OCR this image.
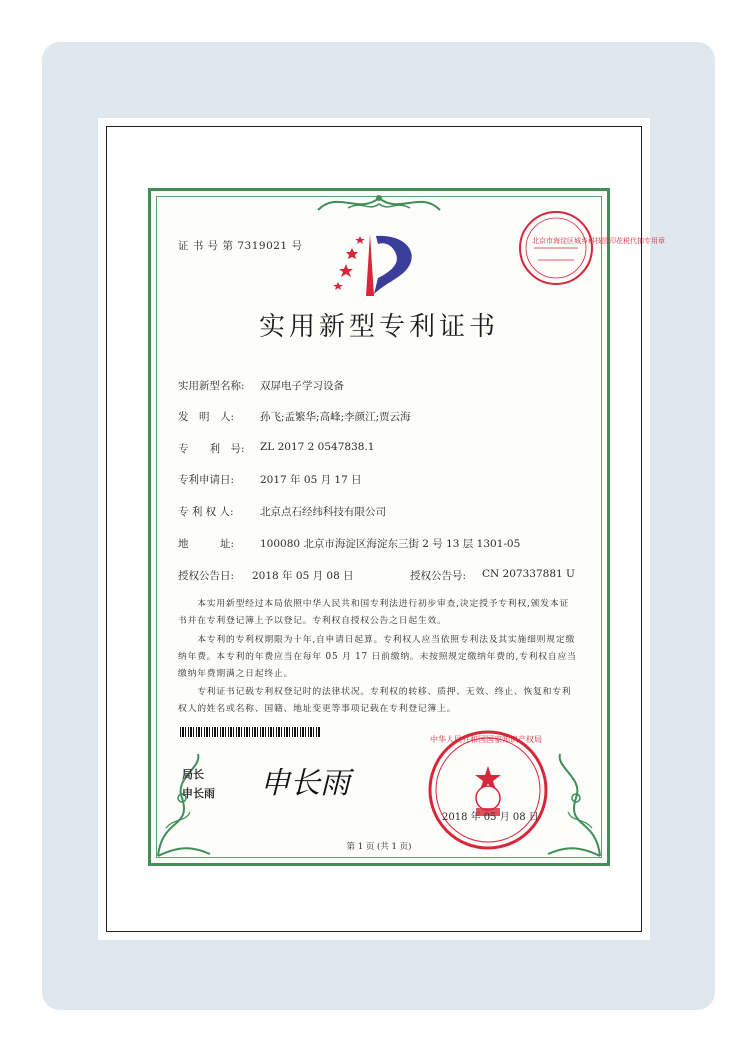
证 书 号 第 7319021 号	北京市海淀区城乡科技园印花税代扣专用章
实用新型专利证书
实用新型名称: 双屏电子学习设备
发　明　人: 孙飞;孟繁华;高峰;李颜江;贾云海
专　　利　号: ZL 2017 2 0547838.1
专利申请日: 2017 年 05 月 17 日
专 利 权 人:	北京点石经纬科技有限公司
地　　　址: 100080 北京市海淀区海淀东三街 2 号 13 层 1301-05
授权公告日: 2018 年 05 月 08 日	授权公告号: CN 207337881 U
　　本实用新型经过本局依照中华人民共和国专利法进行初步审查,决定授予专利权,颁发本证书并在专利登记簿上予以登记。专利权自授权公告之日起生效。
　　本专利的专利权期限为十年,自申请日起算。专利权人应当依照专利法及其实施细则规定缴纳年费。本专利的年费应当在每年 05 月 17 日前缴纳。未按照规定缴纳年费的,专利权自应当缴纳年费期满之日起终止。
　　专利证书记载专利权登记时的法律状况。专利权的转移、质押、无效、终止、恢复和专利权人的姓名或名称、国籍、地址变更等事项记载在专利登记簿上。
局长
申长雨 申长雨
中华人民共和国国家知识产权局
2018 年 05 月 08 日
第 1 页 (共 1 页)
